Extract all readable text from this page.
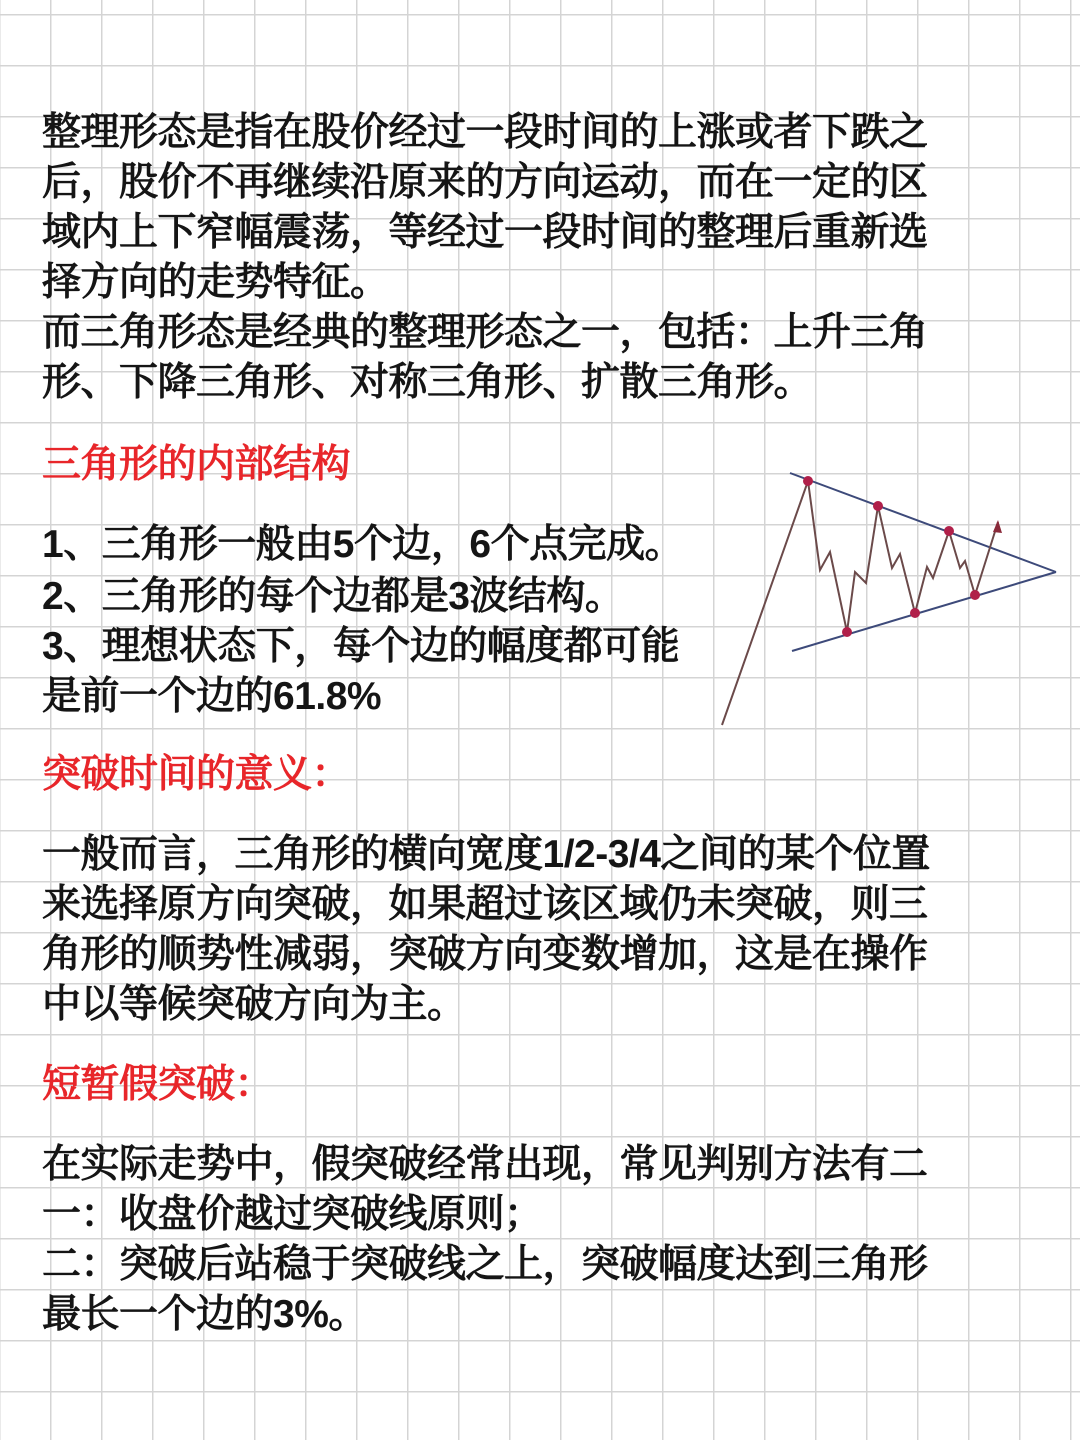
整理形态是指在股价经过一段时间的上涨或者下跌之
后，股价不再继续沿原来的方向运动，而在一定的区
域内上下窄幅震荡，等经过一段时间的整理后重新选
择方向的走势特征。
而三角形态是经典的整理形态之一，包括：上升三角
形、下降三角形、对称三角形、扩散三角形。
三角形的内部结构
1、三角形一般由5个边，6个点完成。
2、三角形的每个边都是3波结构。
3、理想状态下，每个边的幅度都可能
是前一个边的61.8%
突破时间的意义：
一般而言，三角形的横向宽度1/2-3/4之间的某个位置
来选择原方向突破，如果超过该区域仍未突破，则三
角形的顺势性减弱，突破方向变数增加，这是在操作
中以等候突破方向为主。
短暂假突破：
在实际走势中，假突破经常出现，常见判别方法有二
一：收盘价越过突破线原则；
二：突破后站稳于突破线之上，突破幅度达到三角形
最长一个边的3%。
